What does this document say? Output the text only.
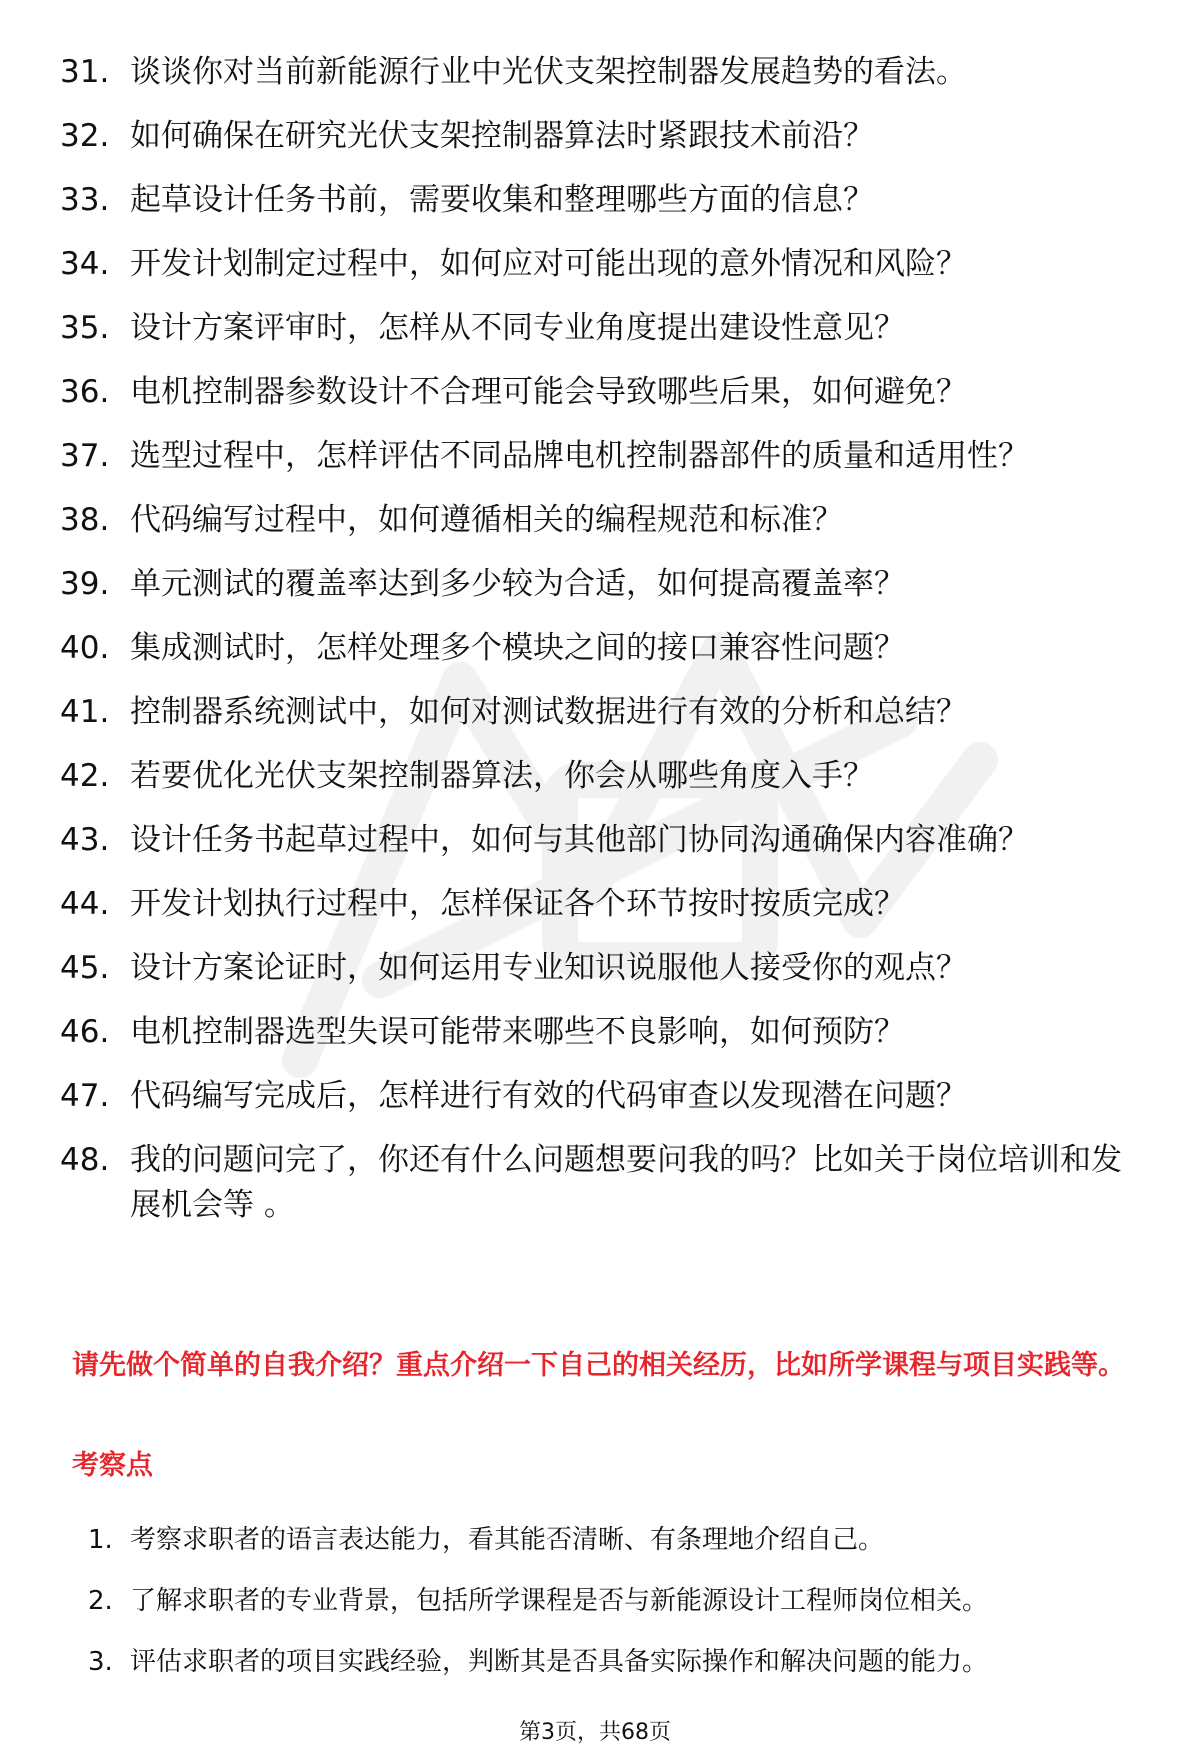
31. 谈谈你对当前新能源行业中光伏支架控制器发展趋势的看法。
32. 如何确保在研究光伏支架控制器算法时紧跟技术前沿？
33. 起草设计任务书前，需要收集和整理哪些方面的信息？
34. 开发计划制定过程中，如何应对可能出现的意外情况和风险？
35. 设计方案评审时，怎样从不同专业角度提出建设性意见？
36. 电机控制器参数设计不合理可能会导致哪些后果，如何避免？
37. 选型过程中，怎样评估不同品牌电机控制器部件的质量和适用性？
38. 代码编写过程中，如何遵循相关的编程规范和标准？
39. 单元测试的覆盖率达到多少较为合适，如何提高覆盖率？
40. 集成测试时，怎样处理多个模块之间的接口兼容性问题？
41. 控制器系统测试中，如何对测试数据进行有效的分析和总结？
42. 若要优化光伏支架控制器算法，你会从哪些角度入手？
43. 设计任务书起草过程中，如何与其他部门协同沟通确保内容准确？
44. 开发计划执行过程中，怎样保证各个环节按时按质完成？
45. 设计方案论证时，如何运用专业知识说服他人接受你的观点？
46. 电机控制器选型失误可能带来哪些不良影响，如何预防？
47. 代码编写完成后，怎样进行有效的代码审查以发现潜在问题？
48. 我的问题问完了，你还有什么问题想要问我的吗？比如关于岗位培训和发展机会等 。

请先做个简单的自我介绍？重点介绍一下自己的相关经历，比如所学课程与项目实践等。

考察点
1. 考察求职者的语言表达能力，看其能否清晰、有条理地介绍自己。
2. 了解求职者的专业背景，包括所学课程是否与新能源设计工程师岗位相关。
3. 评估求职者的项目实践经验，判断其是否具备实际操作和解决问题的能力。
第3页，共68页
